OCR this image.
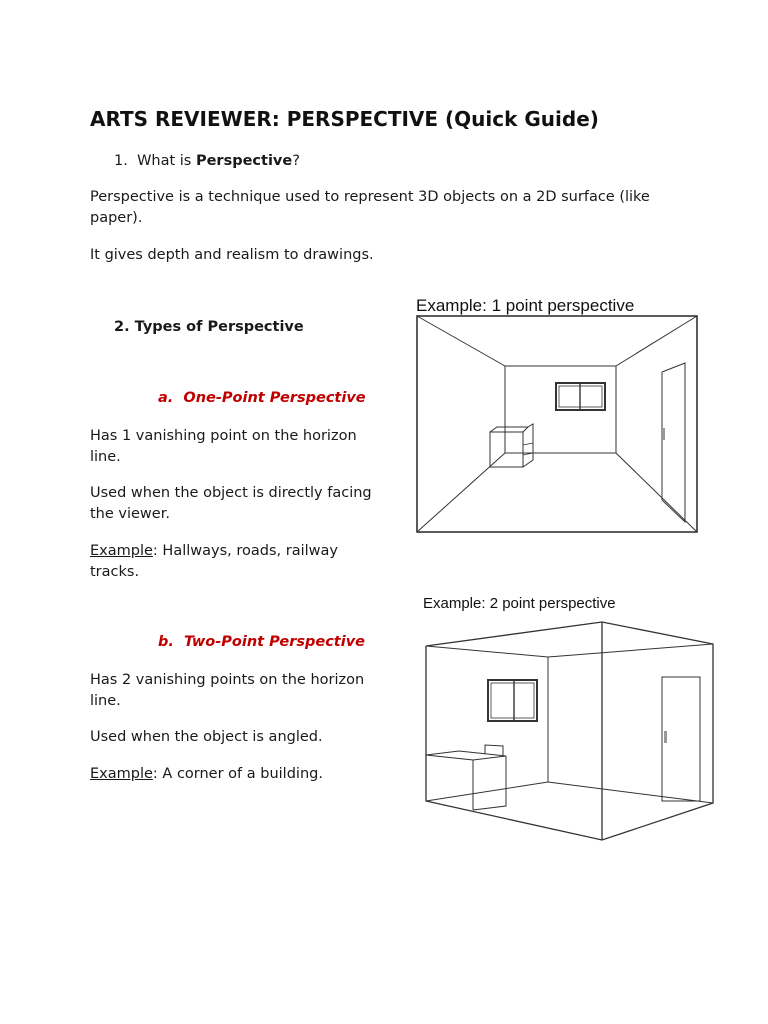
ARTS REVIEWER: PERSPECTIVE (Quick Guide)
1. What is Perspective?
Perspective is a technique used to represent 3D objects on a 2D surface (like paper).
It gives depth and realism to drawings.
2. Types of Perspective
a. One-Point Perspective
Has 1 vanishing point on the horizon line.
Used when the object is directly facing the viewer.
Example: Hallways, roads, railway tracks.
Example: 1 point perspective
b. Two-Point Perspective
Has 2 vanishing points on the horizon line.
Used when the object is angled.
Example: A corner of a building.
Example: 2 point perspective
